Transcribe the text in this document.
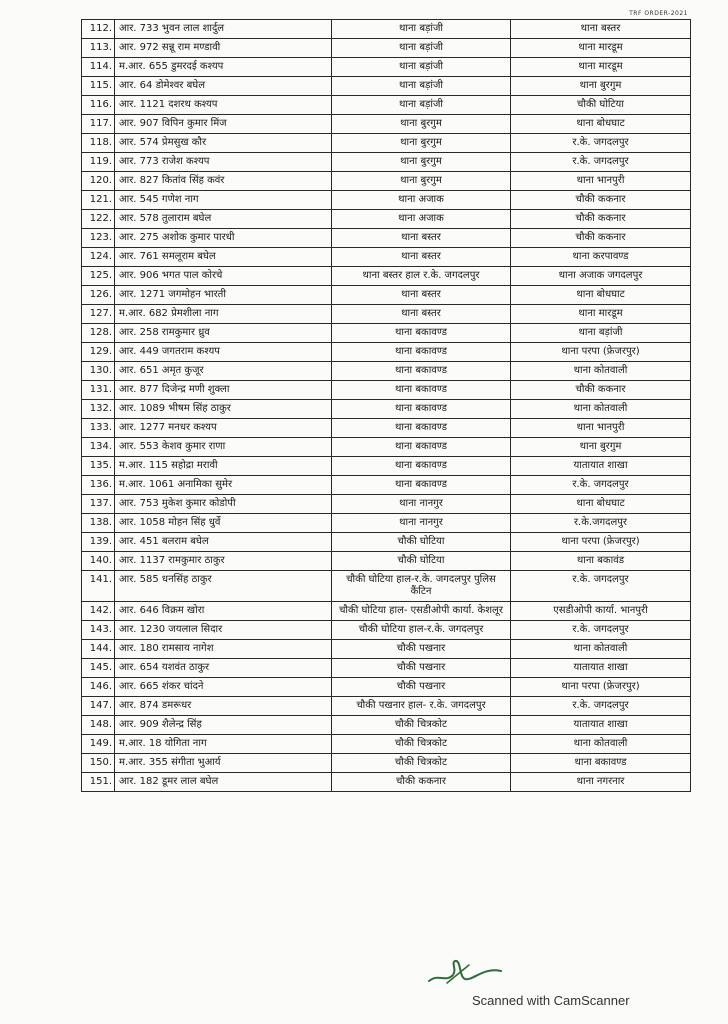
TRF ORDER-2021
112.	आर. 733 भुवन लाल शार्दुल	थाना बड़ांजी	थाना बस्तर
113.	आर. 972 सन्नू राम मण्डावी	थाना बड़ांजी	थाना मारडूम
114.	म.आर. 655 डुमरदई कश्यप	थाना बड़ांजी	थाना मारडूम
115.	आर. 64 डोमेश्वर बघेल	थाना बड़ांजी	थाना बुरगुम
116.	आर. 1121 दशरथ कश्यप	थाना बड़ांजी	चौकी घोटिया
117.	आर. 907 विपिन कुमार मिंज	थाना बुरगुम	थाना बोधघाट
118.	आर. 574 प्रेमसुख कौर	थाना बुरगुम	र.के. जगदलपुर
119.	आर. 773 राजेश कश्यप	थाना बुरगुम	र.के. जगदलपुर
120.	आर. 827 कितांव सिंह कवंर	थाना बुरगुम	थाना भानपुरी
121.	आर. 545 गणेश नाग	थाना अजाक	चौकी ककनार
122.	आर. 578 तुलाराम बघेल	थाना अजाक	चौकी ककनार
123.	आर. 275 अशोक कुमार पारधी	थाना बस्तर	चौकी ककनार
124.	आर. 761 समलूराम बघेल	थाना बस्तर	थाना करपावण्ड
125.	आर. 906 भगत पाल कोरचे	थाना बस्तर हाल र.के. जगदलपुर	थाना अजाक जगदलपुर
126.	आर. 1271 जगमोहन भारती	थाना बस्तर	थाना बोधघाट
127.	म.आर. 682 प्रेमशीला नाग	थाना बस्तर	थाना मारडूम
128.	आर. 258 रामकुमार ध्रुव	थाना बकावण्ड	थाना बड़ांजी
129.	आर. 449 जगतराम कश्यप	थाना बकावण्ड	थाना परपा (फ्रेजरपुर)
130.	आर. 651 अमृत कुजूर	थाना बकावण्ड	थाना कोतवाली
131.	आर. 877 दिजेन्द्र मणी शुक्ला	थाना बकावण्ड	चौकी ककनार
132.	आर. 1089 भीषम सिंह ठाकुर	थाना बकावण्ड	थाना कोतवाली
133.	आर. 1277 मनधर कश्यप	थाना बकावण्ड	थाना भानपुरी
134.	आर. 553 केशव कुमार राणा	थाना बकावण्ड	थाना बुरगुम
135.	म.आर. 115 सहोद्रा मरावी	थाना बकावण्ड	यातायात शाखा
136.	म.आर. 1061 अनामिका सुमेर	थाना बकावण्ड	र.के. जगदलपुर
137.	आर. 753 मुकेश कुमार कोडोपी	थाना नानगुर	थाना बोधघाट
138.	आर. 1058 मोहन सिंह धुर्वे	थाना नानगुर	र.के.जगदलपुर
139.	आर. 451 बलराम बघेल	चौकी घोटिया	थाना परपा (फ्रेजरपुर)
140.	आर. 1137 रामकुमार ठाकुर	चौकी घोटिया	थाना बकावंड
141.	आर. 585 धनसिंह ठाकुर	चौकी घोटिया हाल-र.के. जगदलपुर पुलिस कैंटिन	र.के. जगदलपुर
142.	आर. 646 विक्रम खोरा	चौकी घोटिया हाल- एसडीओपी कार्या. केशलूर	एसडीओपी कार्या. भानपुरी
143.	आर. 1230 जयलाल सिदार	चौकी घोटिया हाल-र.के. जगदलपुर	र.के. जगदलपुर
144.	आर. 180 रामसाय नागेश	चौकी पखनार	थाना कोतवाली
145.	आर. 654 यशवंत ठाकुर	चौकी पखनार	यातायात शाखा
146.	आर. 665 शंकर चांदने	चौकी पखनार	थाना परपा (फ्रेजरपुर)
147.	आर. 874 डमरूधर	चौकी पखनार हाल- र.के. जगदलपुर	र.के. जगदलपुर
148.	आर. 909 शैलेन्द्र सिंह	चौकी चित्रकोट	यातायात शाखा
149.	म.आर. 18 योगिता नाग	चौकी चित्रकोट	थाना कोतवाली
150.	म.आर. 355 संगीता भुआर्य	चौकी चित्रकोट	थाना बकावण्ड
151.	आर. 182 डूमर लाल बघेल	चौकी ककनार	थाना नगरनार
Scanned with CamScanner
